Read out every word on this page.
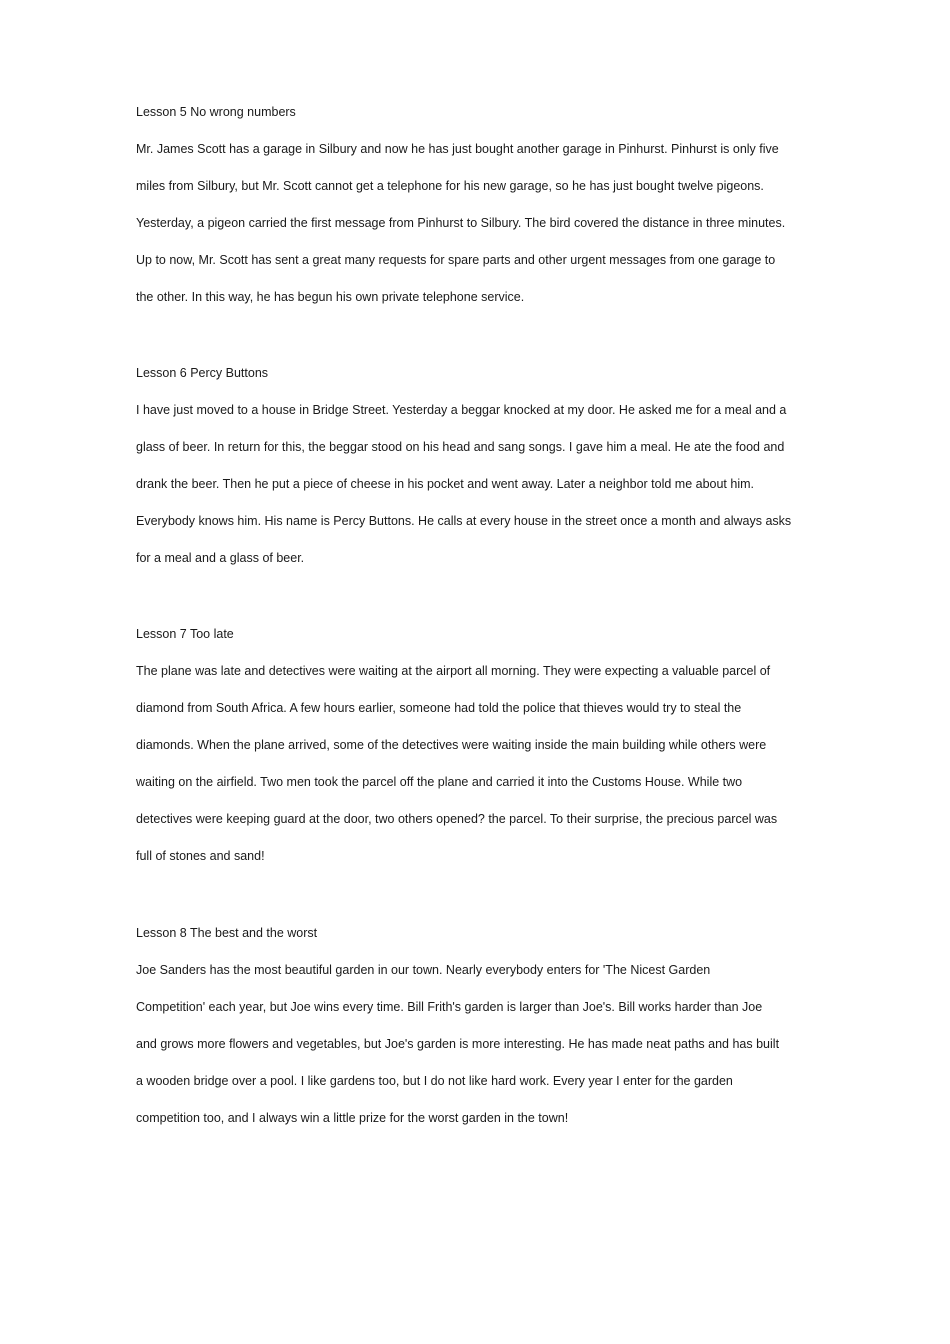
Lesson 5 No wrong numbers

Mr. James Scott has a garage in Silbury and now he has just bought another garage in Pinhurst. Pinhurst is only five

miles from Silbury, but Mr. Scott cannot get a telephone for his new garage, so he has just bought twelve pigeons.

Yesterday, a pigeon carried the first message from Pinhurst to Silbury. The bird covered the distance in three minutes.

Up to now, Mr. Scott has sent a great many requests for spare parts and other urgent messages from one garage to

the other. In this way, he has begun his own private telephone service.

Lesson 6 Percy Buttons

I have just moved to a house in Bridge Street. Yesterday a beggar knocked at my door. He asked me for a meal and a

glass of beer. In return for this, the beggar stood on his head and sang songs. I gave him a meal. He ate the food and

drank the beer. Then he put a piece of cheese in his pocket and went away. Later a neighbor told me about him.

Everybody knows him. His name is Percy Buttons. He calls at every house in the street once a month and always asks

for a meal and a glass of beer.

Lesson 7 Too late

The plane was late and detectives were waiting at the airport all morning. They were expecting a valuable parcel of

diamond from South Africa. A few hours earlier, someone had told the police that thieves would try to steal the

diamonds. When the plane arrived, some of the detectives were waiting inside the main building while others were

waiting on the airfield. Two men took the parcel off the plane and carried it into the Customs House. While two

detectives were keeping guard at the door, two others opened? the parcel. To their surprise, the precious parcel was

full of stones and sand!

Lesson 8 The best and the worst

Joe Sanders has the most beautiful garden in our town. Nearly everybody enters for 'The Nicest Garden

Competition' each year, but Joe wins every time. Bill Frith's garden is larger than Joe's. Bill works harder than Joe

and grows more flowers and vegetables, but Joe's garden is more interesting. He has made neat paths and has built

a wooden bridge over a pool. I like gardens too, but I do not like hard work. Every year I enter for the garden

competition too, and I always win a little prize for the worst garden in the town!
